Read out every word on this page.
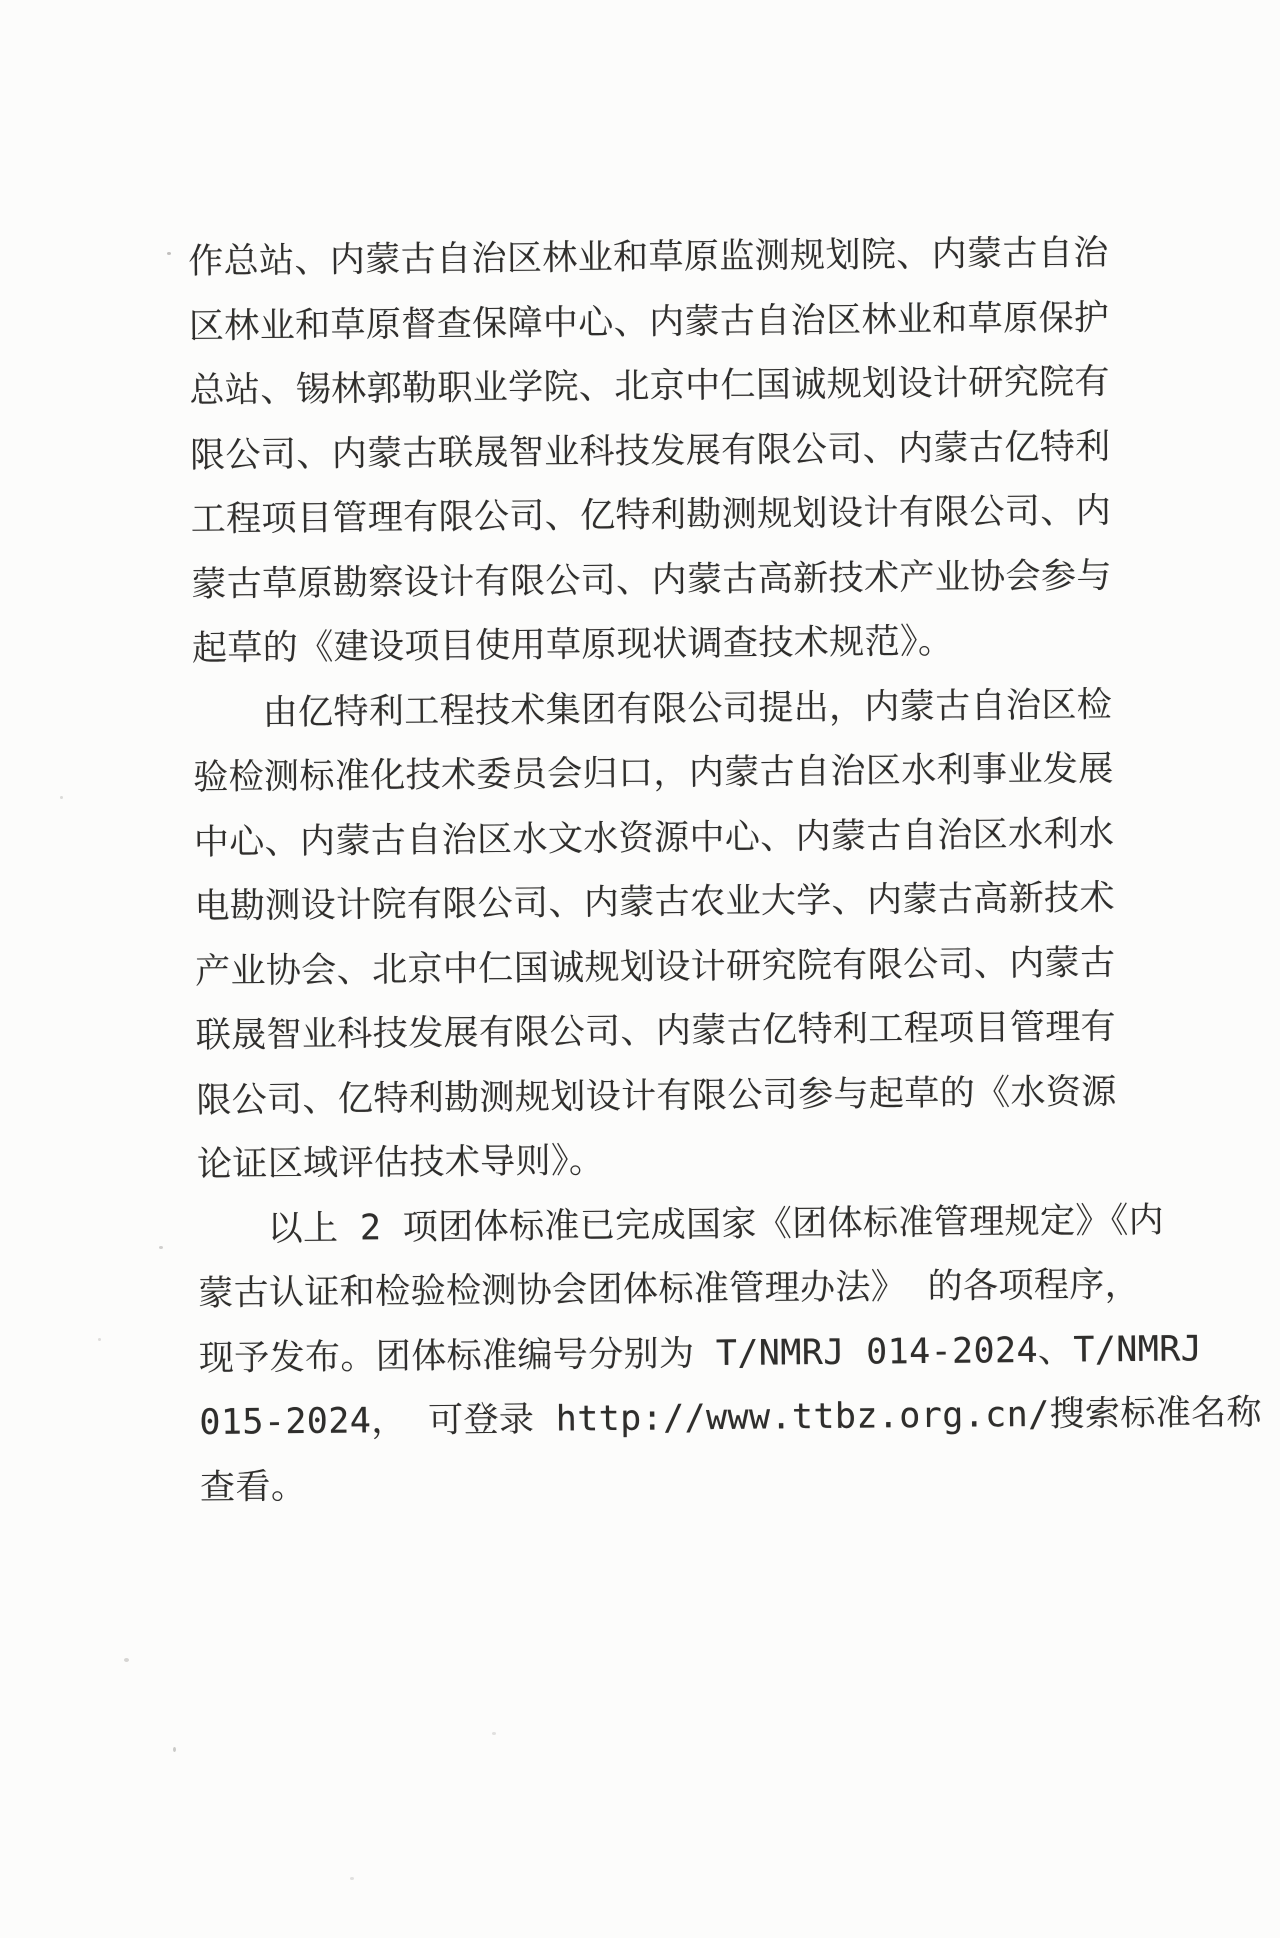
作总站、内蒙古自治区林业和草原监测规划院、内蒙古自治
区林业和草原督查保障中心、内蒙古自治区林业和草原保护
总站、锡林郭勒职业学院、北京中仁国诚规划设计研究院有
限公司、内蒙古联晟智业科技发展有限公司、内蒙古亿特利
工程项目管理有限公司、亿特利勘测规划设计有限公司、内
蒙古草原勘察设计有限公司、内蒙古高新技术产业协会参与
起草的《建设项目使用草原现状调查技术规范》。
由亿特利工程技术集团有限公司提出，内蒙古自治区检
验检测标准化技术委员会归口，内蒙古自治区水利事业发展
中心、内蒙古自治区水文水资源中心、内蒙古自治区水利水
电勘测设计院有限公司、内蒙古农业大学、内蒙古高新技术
产业协会、北京中仁国诚规划设计研究院有限公司、内蒙古
联晟智业科技发展有限公司、内蒙古亿特利工程项目管理有
限公司、亿特利勘测规划设计有限公司参与起草的《水资源
论证区域评估技术导则》。
以上 2 项团体标准已完成国家《团体标准管理规定》《内
蒙古认证和检验检测协会团体标准管理办法》 的各项程序，
现予发布。团体标准编号分别为 T/NMRJ 014-2024、T/NMRJ
015-2024， 可登录 http://www.ttbz.org.cn/搜索标准名称
查看。
